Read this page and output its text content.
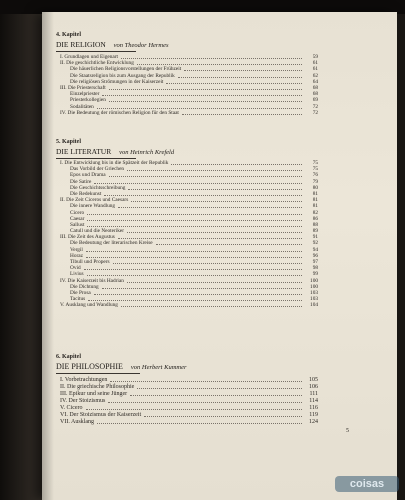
4. Kapitel
DIE RELIGION von Theodor Hermes
I. Grundlagen und Eigenart	59
II. Die geschichtliche Entwicklung	61
Die häuerlichen Religionsvorstellungen der Frühzeit	61
Die Staatsreligion bis zum Ausgang der Republik	62
Die religiösen Strömungen in der Kaiserzeit	64
III. Die Priesterschaft	68
Einzelpriester	68
Priesterkollegien	69
Sodalitäten	72
IV. Die Bedeutung der römischen Religion für den Staat	72
5. Kapitel
DIE LITERATUR von Heinrich Krefeld
I. Die Entwicklung bis in die Spätzeit der Republik	75
Das Vorbild der Griechen	75
Epos und Drama	76
Die Satire	79
Die Geschichtsschreibung	80
Die Redekunst	81
II. Die Zeit Ciceros und Caesars	81
Die innere Wandlung	81
Cicero	82
Caesar	86
Sallust	88
Catull und die Neoteriker	89
III. Die Zeit des Augustus	91
Die Bedeutung der literarischen Kreise	92
Vergil	94
Horaz	96
Tibull und Propers	97
Ovid	98
Livius	99
IV. Die Kaiserzeit bis Hadrian	100
Die Dichtung	100
Die Prosa	103
Tacitus	103
V. Ausklang und Wandlung	104
6. Kapitel
DIE PHILOSOPHIE von Herbert Kummer
I. Vorbetrachtungen	105
II. Die griechische Philosophie	106
III. Epikur und seine Jünger	111
IV. Der Stoizismus	114
V. Cicero	116
VI. Der Stoizismus der Kaiserzeit	119
VII. Ausklang	124
5
coisas
